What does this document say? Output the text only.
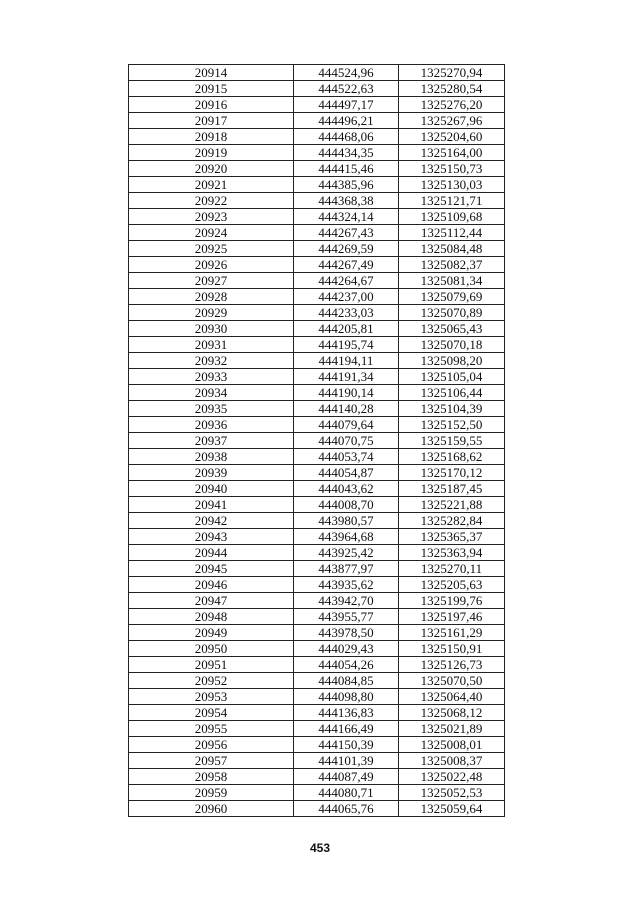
20914	444524,96	1325270,94
20915	444522,63	1325280,54
20916	444497,17	1325276,20
20917	444496,21	1325267,96
20918	444468,06	1325204,60
20919	444434,35	1325164,00
20920	444415,46	1325150,73
20921	444385,96	1325130,03
20922	444368,38	1325121,71
20923	444324,14	1325109,68
20924	444267,43	1325112,44
20925	444269,59	1325084,48
20926	444267,49	1325082,37
20927	444264,67	1325081,34
20928	444237,00	1325079,69
20929	444233,03	1325070,89
20930	444205,81	1325065,43
20931	444195,74	1325070,18
20932	444194,11	1325098,20
20933	444191,34	1325105,04
20934	444190,14	1325106,44
20935	444140,28	1325104,39
20936	444079,64	1325152,50
20937	444070,75	1325159,55
20938	444053,74	1325168,62
20939	444054,87	1325170,12
20940	444043,62	1325187,45
20941	444008,70	1325221,88
20942	443980,57	1325282,84
20943	443964,68	1325365,37
20944	443925,42	1325363,94
20945	443877,97	1325270,11
20946	443935,62	1325205,63
20947	443942,70	1325199,76
20948	443955,77	1325197,46
20949	443978,50	1325161,29
20950	444029,43	1325150,91
20951	444054,26	1325126,73
20952	444084,85	1325070,50
20953	444098,80	1325064,40
20954	444136,83	1325068,12
20955	444166,49	1325021,89
20956	444150,39	1325008,01
20957	444101,39	1325008,37
20958	444087,49	1325022,48
20959	444080,71	1325052,53
20960	444065,76	1325059,64
453
